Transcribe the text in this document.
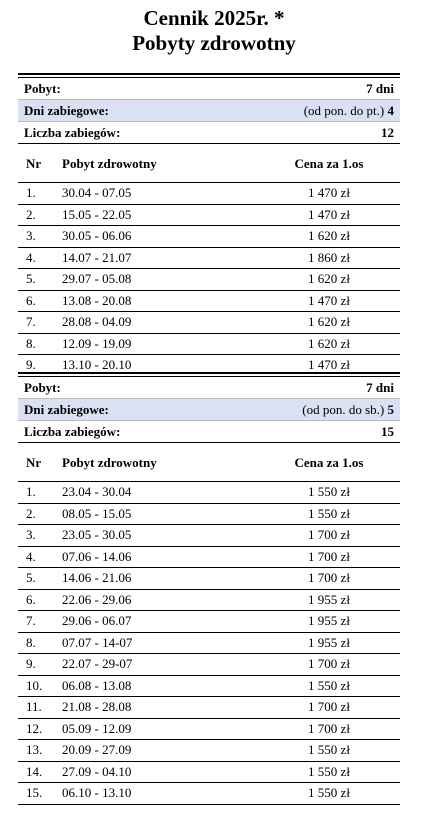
Cennik 2025r. *
Pobyty zdrowotny
Pobyt:	7 dni
Dni zabiegowe:	(od pon. do pt.) 4
Liczba zabiegów:	12
Nr	Pobyt zdrowotny	Cena za 1.os
1.	30.04 - 07.05	1 470 zł
2.	15.05 - 22.05	1 470 zł
3.	30.05 - 06.06	1 620 zł
4.	14.07 - 21.07	1 860 zł
5.	29.07 - 05.08	1 620 zł
6.	13.08 - 20.08	1 470 zł
7.	28.08 - 04.09	1 620 zł
8.	12.09 - 19.09	1 620 zł
9.	13.10 - 20.10	1 470 zł
Pobyt:	7 dni
Dni zabiegowe:	(od pon. do sb.) 5
Liczba zabiegów:	15
Nr	Pobyt zdrowotny	Cena za 1.os
1.	23.04 - 30.04	1 550 zł
2.	08.05 - 15.05	1 550 zł
3.	23.05 - 30.05	1 700 zł
4.	07.06 - 14.06	1 700 zł
5.	14.06 - 21.06	1 700 zł
6.	22.06 - 29.06	1 955 zł
7.	29.06 - 06.07	1 955 zł
8.	07.07 - 14-07	1 955 zł
9.	22.07 - 29-07	1 700 zł
10.	06.08 - 13.08	1 550 zł
11.	21.08 - 28.08	1 700 zł
12.	05.09 - 12.09	1 700 zł
13.	20.09 - 27.09	1 550 zł
14.	27.09 - 04.10	1 550 zł
15.	06.10 - 13.10	1 550 zł
